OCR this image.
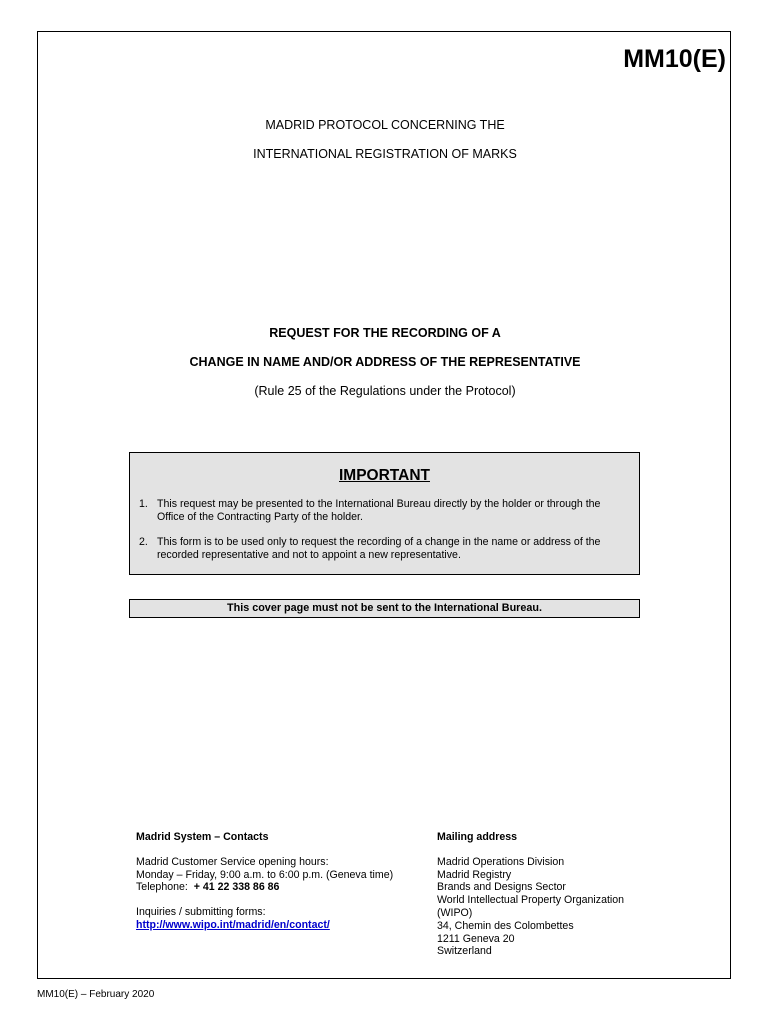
MM10(E)
MADRID PROTOCOL CONCERNING THE
INTERNATIONAL REGISTRATION OF MARKS
REQUEST FOR THE RECORDING OF A
CHANGE IN NAME AND/OR ADDRESS OF THE REPRESENTATIVE
(Rule 25 of the Regulations under the Protocol)
IMPORTANT
1. This request may be presented to the International Bureau directly by the holder or through the Office of the Contracting Party of the holder.
2. This form is to be used only to request the recording of a change in the name or address of the recorded representative and not to appoint a new representative.
This cover page must not be sent to the International Bureau.
Madrid System – Contacts
Madrid Customer Service opening hours:
Monday – Friday, 9:00 a.m. to 6:00 p.m. (Geneva time)
Telephone: + 41 22 338 86 86
Inquiries / submitting forms:
http://www.wipo.int/madrid/en/contact/
Mailing address
Madrid Operations Division
Madrid Registry
Brands and Designs Sector
World Intellectual Property Organization
(WIPO)
34, Chemin des Colombettes
1211 Geneva 20
Switzerland
MM10(E) – February 2020
